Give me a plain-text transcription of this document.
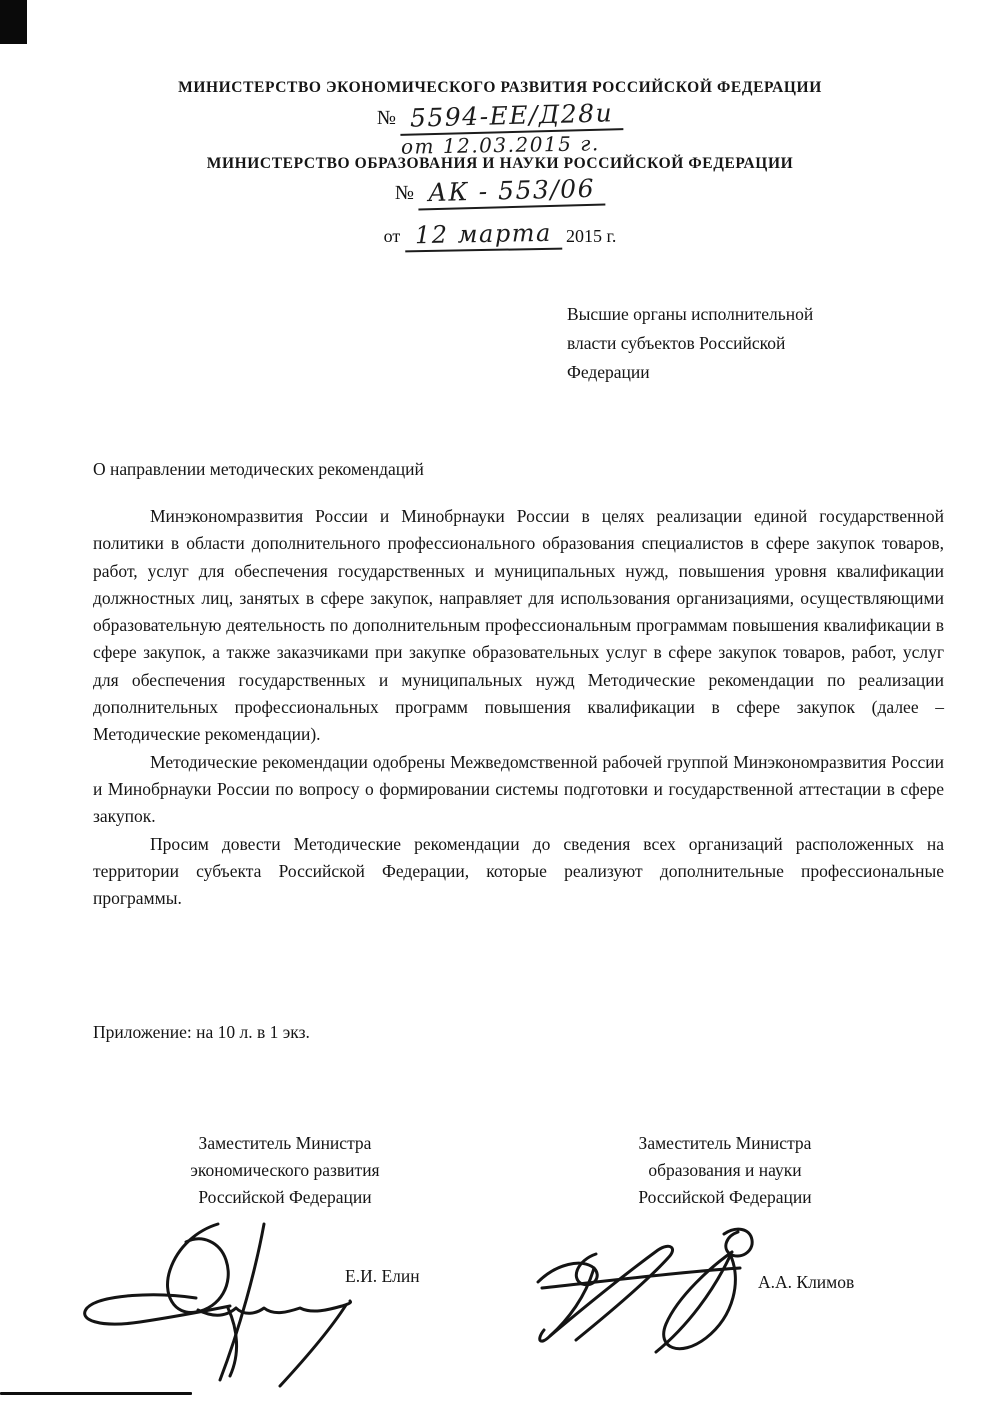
МИНИСТЕРСТВО ЭКОНОМИЧЕСКОГО РАЗВИТИЯ РОССИЙСКОЙ ФЕДЕРАЦИИ
№ 5594-ЕЕ/Д28и
от 12.03.2015 г.
МИНИСТЕРСТВО ОБРАЗОВАНИЯ И НАУКИ РОССИЙСКОЙ ФЕДЕРАЦИИ
№ АК - 553/06
от 12 марта 2015 г.
Высшие органы исполнительной
власти субъектов Российской
Федерации
О направлении методических рекомендаций

Минэкономразвития России и Минобрнауки России в целях реализации единой государственной политики в области дополнительного профессионального образования специалистов в сфере закупок товаров, работ, услуг для обеспечения государственных и муниципальных нужд, повышения уровня квалификации должностных лиц, занятых в сфере закупок, направляет для использования организациями, осуществляющими образовательную деятельность по дополнительным профессиональным программам повышения квалификации в сфере закупок, а также заказчиками при закупке образовательных услуг в сфере закупок товаров, работ, услуг для обеспечения государственных и муниципальных нужд Методические рекомендации по реализации дополнительных профессиональных программ повышения квалификации в сфере закупок (далее – Методические рекомендации).

Методические рекомендации одобрены Межведомственной рабочей группой Минэкономразвития России и Минобрнауки России по вопросу о формировании системы подготовки и государственной аттестации в сфере закупок.

Просим довести Методические рекомендации до сведения всех организаций расположенных на территории субъекта Российской Федерации, которые реализуют дополнительные профессиональные программы.

Приложение: на 10 л. в 1 экз.
Заместитель Министра
экономического развития
Российской Федерации
Заместитель Министра
образования и науки
Российской Федерации
Е.И. Елин	А.А. Климов
